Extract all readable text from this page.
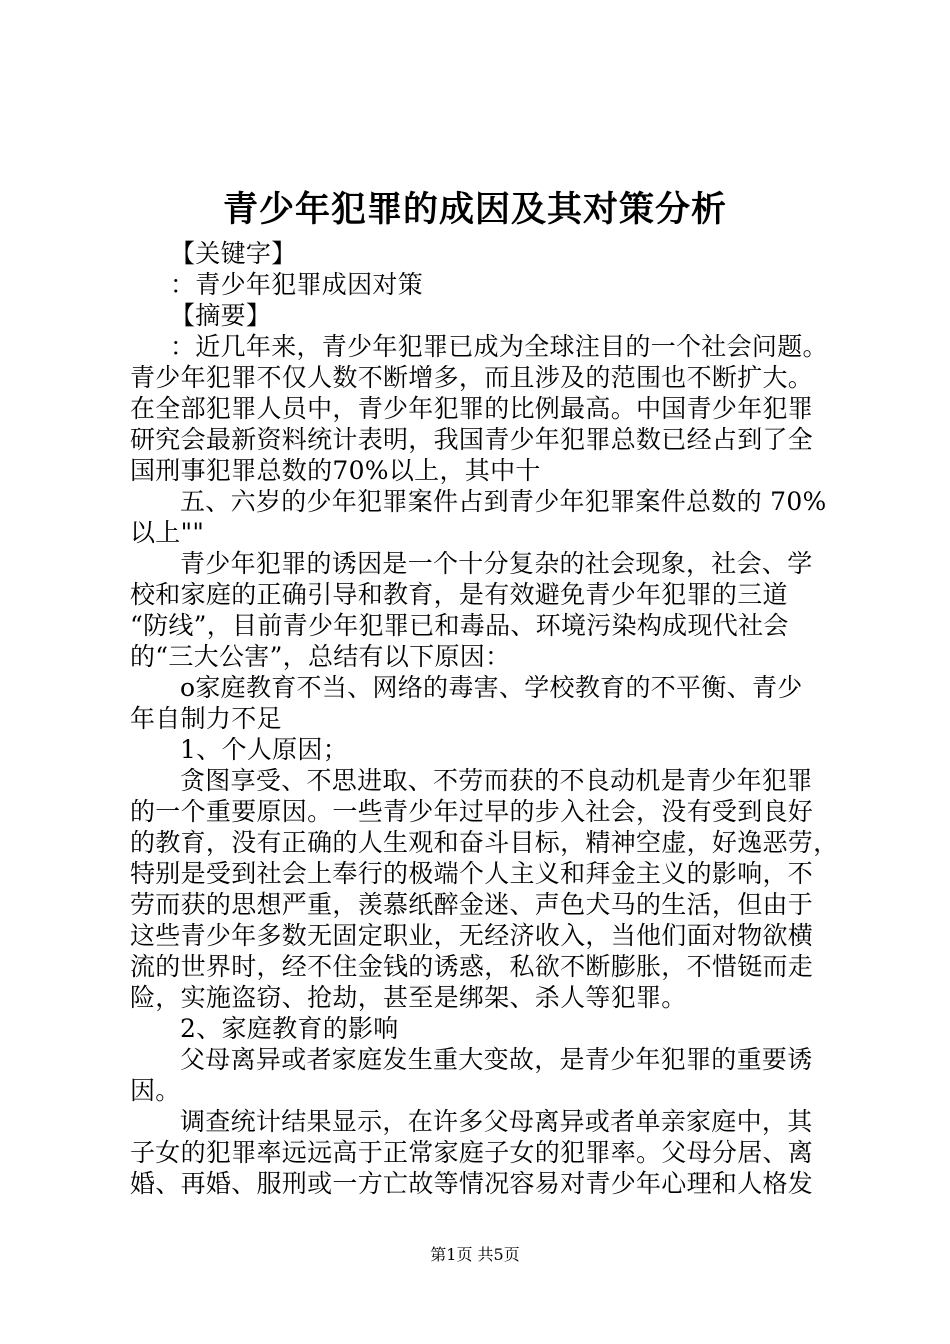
青少年犯罪的成因及其对策分析
【关键字】
：青少年犯罪成因对策
【摘要】
：近几年来，青少年犯罪已成为全球注目的一个社会问题。
青少年犯罪不仅人数不断增多，而且涉及的范围也不断扩大。
在全部犯罪人员中，青少年犯罪的比例最高。中国青少年犯罪
研究会最新资料统计表明，我国青少年犯罪总数已经占到了全
国刑事犯罪总数的70%以上，其中十
五、六岁的少年犯罪案件占到青少年犯罪案件总数的 70%
以上""
青少年犯罪的诱因是一个十分复杂的社会现象，社会、学
校和家庭的正确引导和教育，是有效避免青少年犯罪的三道
“防线”，目前青少年犯罪已和毒品、环境污染构成现代社会
的“三大公害”，总结有以下原因：
o家庭教育不当、网络的毒害、学校教育的不平衡、青少
年自制力不足
1、个人原因；
贪图享受、不思进取、不劳而获的不良动机是青少年犯罪
的一个重要原因。一些青少年过早的步入社会，没有受到良好
的教育，没有正确的人生观和奋斗目标，精神空虚，好逸恶劳，
特别是受到社会上奉行的极端个人主义和拜金主义的影响，不
劳而获的思想严重，羡慕纸醉金迷、声色犬马的生活，但由于
这些青少年多数无固定职业，无经济收入，当他们面对物欲横
流的世界时，经不住金钱的诱惑，私欲不断膨胀，不惜铤而走
险，实施盗窃、抢劫，甚至是绑架、杀人等犯罪。
2、家庭教育的影响
父母离异或者家庭发生重大变故，是青少年犯罪的重要诱
因。
调查统计结果显示，在许多父母离异或者单亲家庭中，其
子女的犯罪率远远高于正常家庭子女的犯罪率。父母分居、离
婚、再婚、服刑或一方亡故等情况容易对青少年心理和人格发
第1页 共5页
